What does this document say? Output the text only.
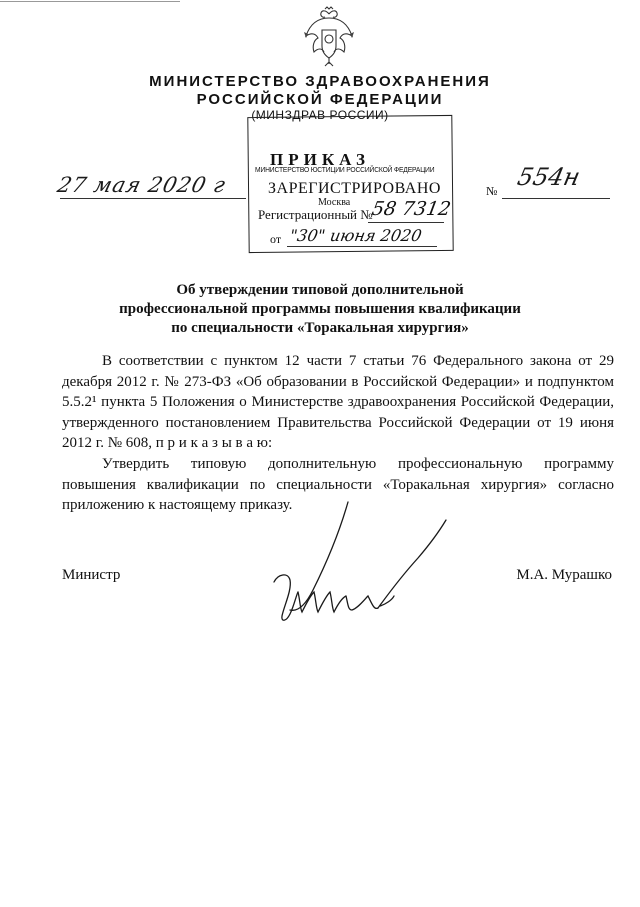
МИНИСТЕРСТВО ЗДРАВООХРАНЕНИЯ
РОССИЙСКОЙ ФЕДЕРАЦИИ
(МИНЗДРАВ РОССИИ)
ПРИКАЗ
МИНИСТЕРСТВО ЮСТИЦИИ РОССИЙСКОЙ ФЕДЕРАЦИИ
ЗАРЕГИСТРИРОВАНО
Москва
Регистрационный №
58 7312
от "30" июня 2020
27 мая 2020 г	№ 554н
Об утверждении типовой дополнительной
профессиональной программы повышения квалификации
по специальности «Торакальная хирургия»

В соответствии с пунктом 12 части 7 статьи 76 Федерального закона от 29 декабря 2012 г. № 273-ФЗ «Об образовании в Российской Федерации» и подпунктом 5.5.2¹ пункта 5 Положения о Министерстве здравоохранения Российской Федерации, утвержденного постановлением Правительства Российской Федерации от 19 июня 2012 г. № 608, п р и к а з ы в а ю:

Утвердить типовую дополнительную профессиональную программу повышения квалификации по специальности «Торакальная хирургия» согласно приложению к настоящему приказу.

Министр	М.А. Мурашко
